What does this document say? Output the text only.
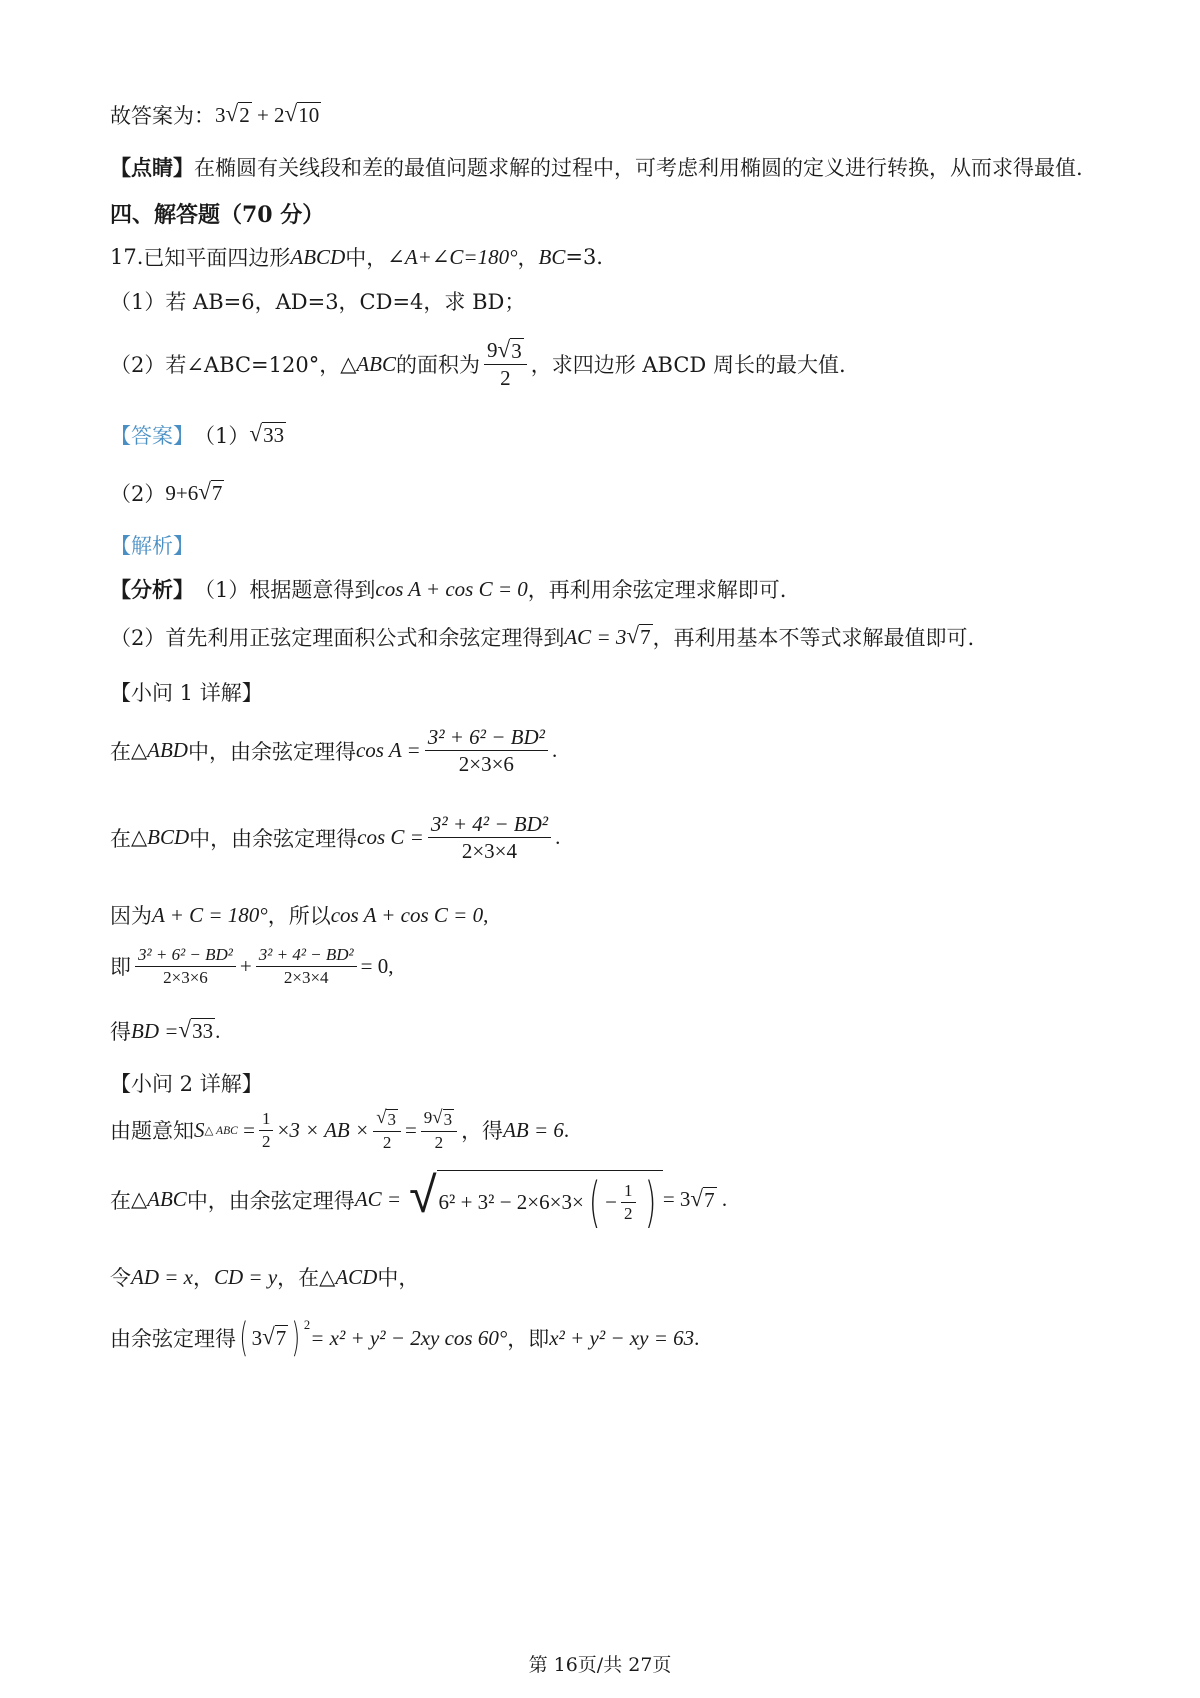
故答案为： 3 √ 2 + 2 √ 10
【点睛】 在椭圆有关线段和差的最值问题求解的过程中，可考虑利用椭圆的定义进行转换，从而求得最值.
四、解答题（70 分）
17. 已知平面四边形 ABCD 中， ∠A+∠C=180° ， BC =3.
（1）若 AB=6，AD=3，CD=4，求 BD；
（2）若∠ABC=120°， △ABC 的面积为 $\frac{9 √ 3}{2}$ ，求四边形 ABCD 周长的最大值.
【答案】 （1） √ 33
（2） 9+6 √ 7
【解析】
【分析】 （1）根据题意得到 cos A + cos C = 0 ，再利用余弦定理求解即可.
（2）首先利用正弦定理面积公式和余弦定理得到 AC = 3 √ 7 ，再利用基本不等式求解最值即可.
【小问 1 详解】
在 △ABD 中，由余弦定理得 $\cos A = \frac{\text{3² + 6² − BD²}}{2\times 3\times 6}$ .
在 △BCD 中，由余弦定理得 $\cos C = \frac{\text{3² + 4² − BD²}}{2\times 3\times 4}$ .
因为 A + C = 180° ，所以 cos A + cos C = 0 ,
即 $\frac{\text{3² + 6² − BD²}}{2\times 3\times 6} + \frac{\text{3² + 4² − BD²}}{2\times 3\times 4} = 0$ ,
得 BD = √ 33 .
【小问 2 详解】
由题意知 S △ ABC = $\frac{1}{2} \times 3$ × AB × $\frac{√ 3}{2} = \frac{9 √ 3}{2}$ ，得 AB = 6 .
在 △ABC 中，由余弦定理得 AC = √ 6² + 3² − 2×6×3× ( − $\frac{1}{2}$ ) = 3 √ 7 .
令 AD = x ， CD = y ，在 △ACD 中，
由余弦定理得 ( 3 √ 7 ) $^2$
= x² + y² − 2xy cos 60° ，即 x² + y² − xy = 63 .
第 16页/共 27页
